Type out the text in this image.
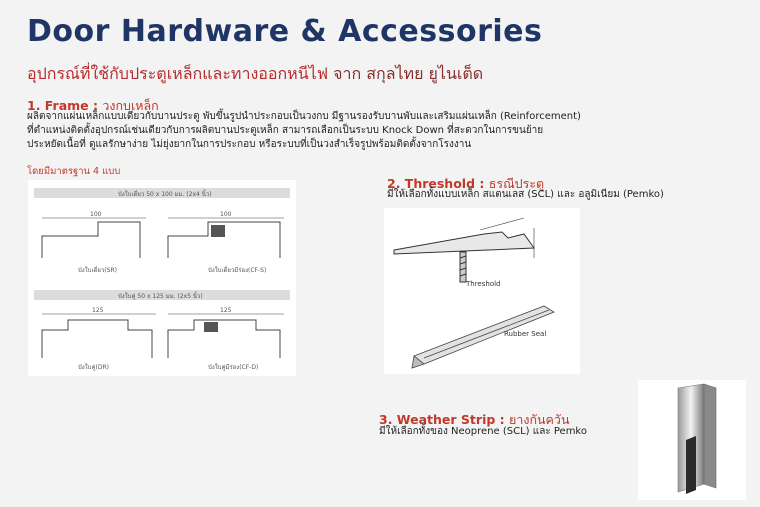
Door Hardware & Accessories
อุปกรณ์ที่ใช้กับประตูเหล็กและทางออกหนีไฟ จาก สกุลไทย ยูไนเต็ด
1. Frame : วงกบเหล็ก
ผลิตจากแผ่นเหล็กแบบเดียวกับบานประตู พับขึ้นรูปนำประกอบเป็นวงกบ มีฐานรองรับบานพับและเสริมแผ่นเหล็ก (Reinforcement)
ที่ตำแหน่งติดตั้งอุปกรณ์เช่นเดียวกับการผลิตบานประตูเหล็ก สามารถเลือกเป็นระบบ Knock Down ที่สะดวกในการขนย้าย
ประหยัดเนื้อที่ ดูแลรักษาง่าย ไม่ยุ่งยากในการประกอบ หรือระบบที่เป็นวงสำเร็จรูปพร้อมติดตั้งจากโรงงาน
โดยมีมาตรฐาน 4 แบบ
บังใบเดี่ยว 50 x 100 มม. (2x4 นิ้ว)
100
บังใบเดี่ยว(SR)
100
บังใบเดี่ยวมีร่อง(CF-S)
บังใบคู่ 50 x 125 มม. (2x5 นิ้ว)
125
บังใบคู่(DR)
125
บังใบคู่มีร่อง(CF-D)
2. Threshold : ธรณีประตู
มีให้เลือกทั้งแบบเหล็ก สแตนเลส (SCL) และ อลูมิเนียม (Pemko)
Threshold
Rubber Seal
3. Weather Strip : ยางกันควัน
มีให้เลือกทั้งของ Neoprene (SCL) และ Pemko
